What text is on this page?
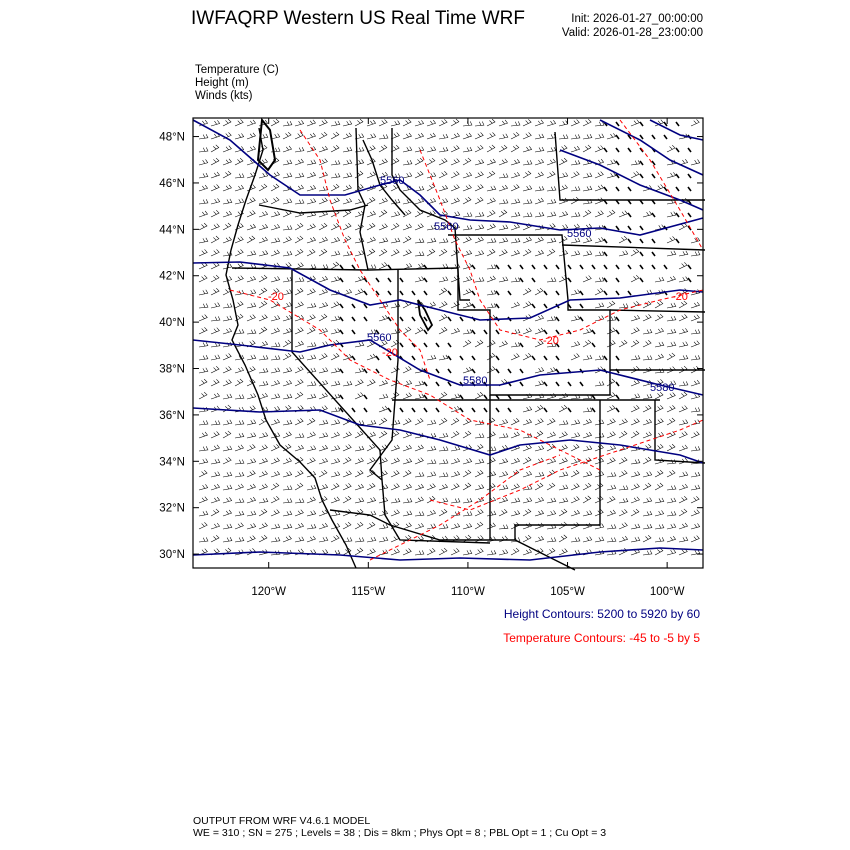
IWFAQRP Western US Real Time WRF	Init: 2026-01-27_00:00:00
Valid: 2026-01-28_23:00:00
Temperature (C)
Height (m)
Winds (kts)
5560
5560
5560
5560
5580
5580
-20
-20
-20
-20
48°N
46°N
44°N
42°N
40°N
38°N
36°N
34°N
32°N
30°N
120°W	115°W	110°W	105°W	100°W
Height Contours: 5200 to 5920 by 60
Temperature Contours: -45 to -5 by 5
OUTPUT FROM WRF V4.6.1 MODEL
WE = 310 ; SN = 275 ; Levels = 38 ; Dis = 8km ; Phys Opt = 8 ; PBL Opt = 1 ; Cu Opt = 3
